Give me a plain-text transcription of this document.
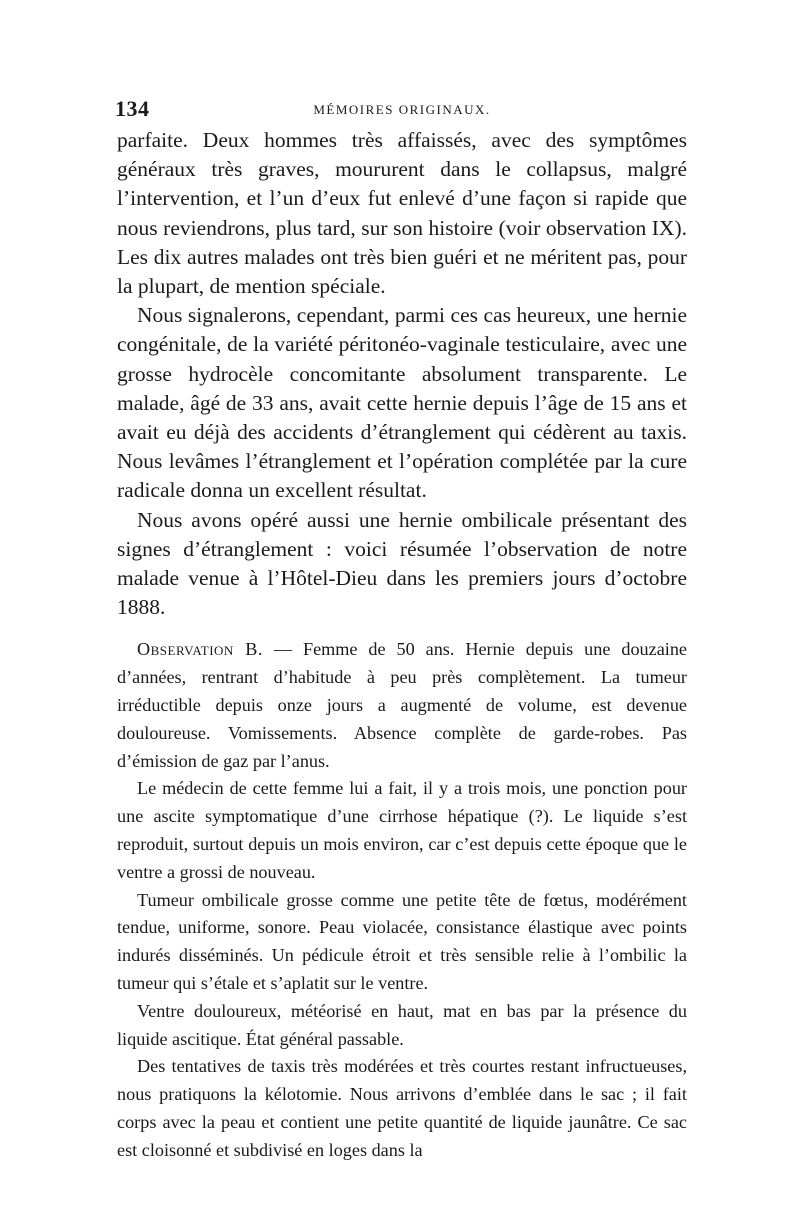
134	MÉMOIRES ORIGINAUX.

parfaite. Deux hommes très affaissés, avec des symptômes généraux très graves, moururent dans le collapsus, malgré l’intervention, et l’un d’eux fut enlevé d’une façon si rapide que nous reviendrons, plus tard, sur son histoire (voir observation IX). Les dix autres malades ont très bien guéri et ne méritent pas, pour la plupart, de mention spéciale.

Nous signalerons, cependant, parmi ces cas heureux, une hernie congénitale, de la variété péritonéo-vaginale testiculaire, avec une grosse hydrocèle concomitante absolument transparente. Le malade, âgé de 33 ans, avait cette hernie depuis l’âge de 15 ans et avait eu déjà des accidents d’étranglement qui cédèrent au taxis. Nous levâmes l’étranglement et l’opération complétée par la cure radicale donna un excellent résultat.

Nous avons opéré aussi une hernie ombilicale présentant des signes d’étranglement : voici résumée l’observation de notre malade venue à l’Hôtel-Dieu dans les premiers jours d’octobre 1888.

Observation B. — Femme de 50 ans. Hernie depuis une douzaine d’années, rentrant d’habitude à peu près complètement. La tumeur irréductible depuis onze jours a augmenté de volume, est devenue douloureuse. Vomissements. Absence complète de garde-robes. Pas d’émission de gaz par l’anus.

Le médecin de cette femme lui a fait, il y a trois mois, une ponction pour une ascite symptomatique d’une cirrhose hépatique (?). Le liquide s’est reproduit, surtout depuis un mois environ, car c’est depuis cette époque que le ventre a grossi de nouveau.

Tumeur ombilicale grosse comme une petite tête de fœtus, modérément tendue, uniforme, sonore. Peau violacée, consistance élastique avec points indurés disséminés. Un pédicule étroit et très sensible relie à l’ombilic la tumeur qui s’étale et s’aplatit sur le ventre.

Ventre douloureux, météorisé en haut, mat en bas par la présence du liquide ascitique. État général passable.

Des tentatives de taxis très modérées et très courtes restant infructueuses, nous pratiquons la kélotomie. Nous arrivons d’emblée dans le sac ; il fait corps avec la peau et contient une petite quantité de liquide jaunâtre. Ce sac est cloisonné et subdivisé en loges dans la
